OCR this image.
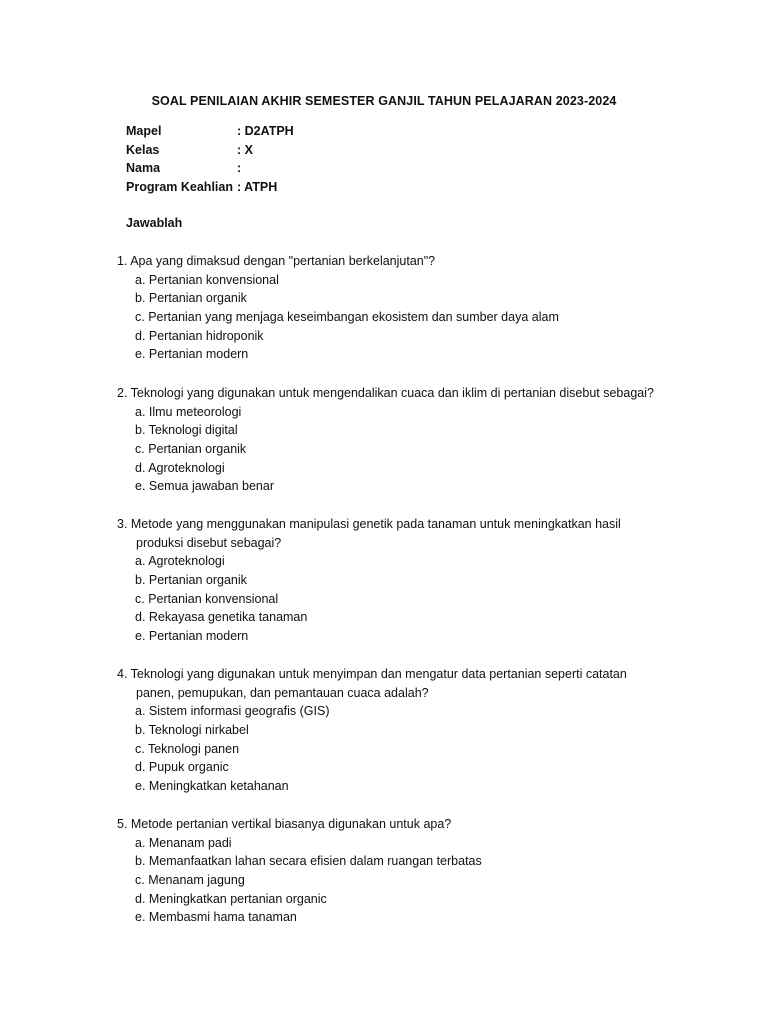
SOAL PENILAIAN AKHIR SEMESTER GANJIL TAHUN PELAJARAN 2023-2024
Mapel	: D2ATPH
Kelas	: X
Nama	:
Program Keahlian : ATPH
Jawablah
1. Apa yang dimaksud dengan "pertanian berkelanjutan"?
a. Pertanian konvensional
b. Pertanian organik
c. Pertanian yang menjaga keseimbangan ekosistem dan sumber daya alam
d. Pertanian hidroponik
e. Pertanian modern
2. Teknologi yang digunakan untuk mengendalikan cuaca dan iklim di pertanian disebut sebagai?
a. Ilmu meteorologi
b. Teknologi digital
c. Pertanian organik
d. Agroteknologi
e. Semua jawaban benar
3. Metode yang menggunakan manipulasi genetik pada tanaman untuk meningkatkan hasil
produksi disebut sebagai?
a. Agroteknologi
b. Pertanian organik
c. Pertanian konvensional
d. Rekayasa genetika tanaman
e. Pertanian modern
4. Teknologi yang digunakan untuk menyimpan dan mengatur data pertanian seperti catatan
panen, pemupukan, dan pemantauan cuaca adalah?
a. Sistem informasi geografis (GIS)
b. Teknologi nirkabel
c. Teknologi panen
d. Pupuk organic
e. Meningkatkan ketahanan
5. Metode pertanian vertikal biasanya digunakan untuk apa?
a. Menanam padi
b. Memanfaatkan lahan secara efisien dalam ruangan terbatas
c. Menanam jagung
d. Meningkatkan pertanian organic
e. Membasmi hama tanaman
